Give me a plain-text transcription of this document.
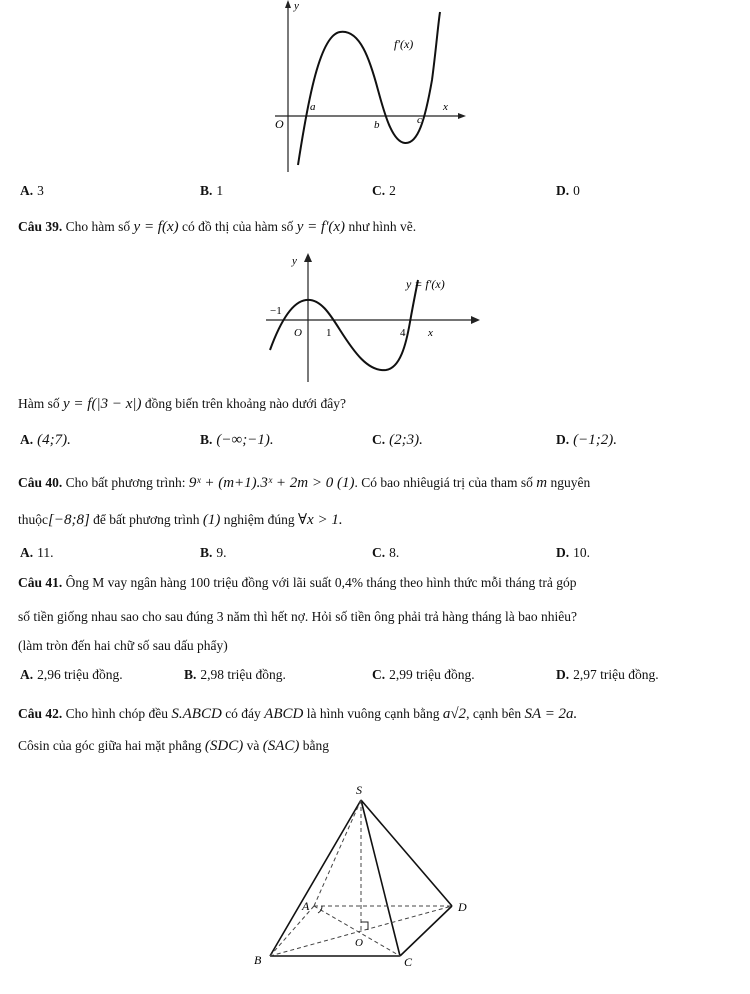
y
f′(x)
a
O	b	c
x
A. 3	B. 1	C. 2	D. 0
Câu 39. Cho hàm số y = f(x) có đồ thị của hàm số y = f'(x) như hình vẽ.
y
y = f′(x)
−1
O 1	4 x
Hàm số y = f(|3 − x|) đồng biến trên khoảng nào dưới đây?
A. (4;7).	B. (−∞;−1).	C. (2;3).	D. (−1;2).
Câu 40. Cho bất phương trình: 9ˣ + (m+1).3ˣ + 2m > 0 (1). Có bao nhiêugiá trị của tham số m nguyên
thuộc[−8;8] để bất phương trình (1) nghiệm đúng ∀x > 1.
A. 11.	B. 9.	C. 8.	D. 10.
Câu 41. Ông M vay ngân hàng 100 triệu đồng với lãi suất 0,4% tháng theo hình thức mỗi tháng trả góp
số tiền giống nhau sao cho sau đúng 3 năm thì hết nợ. Hỏi số tiền ông phải trả hàng tháng là bao nhiêu?
(làm tròn đến hai chữ số sau dấu phẩy)
A. 2,96 triệu đồng.	B. 2,98 triệu đồng.	C. 2,99 triệu đồng.	D. 2,97 triệu đồng.
Câu 42. Cho hình chóp đều S.ABCD có đáy ABCD là hình vuông cạnh bằng a√2, cạnh bên SA = 2a.
Côsin của góc giữa hai mặt phẳng (SDC) và (SAC) bằng
S
A	D
O
B	C
